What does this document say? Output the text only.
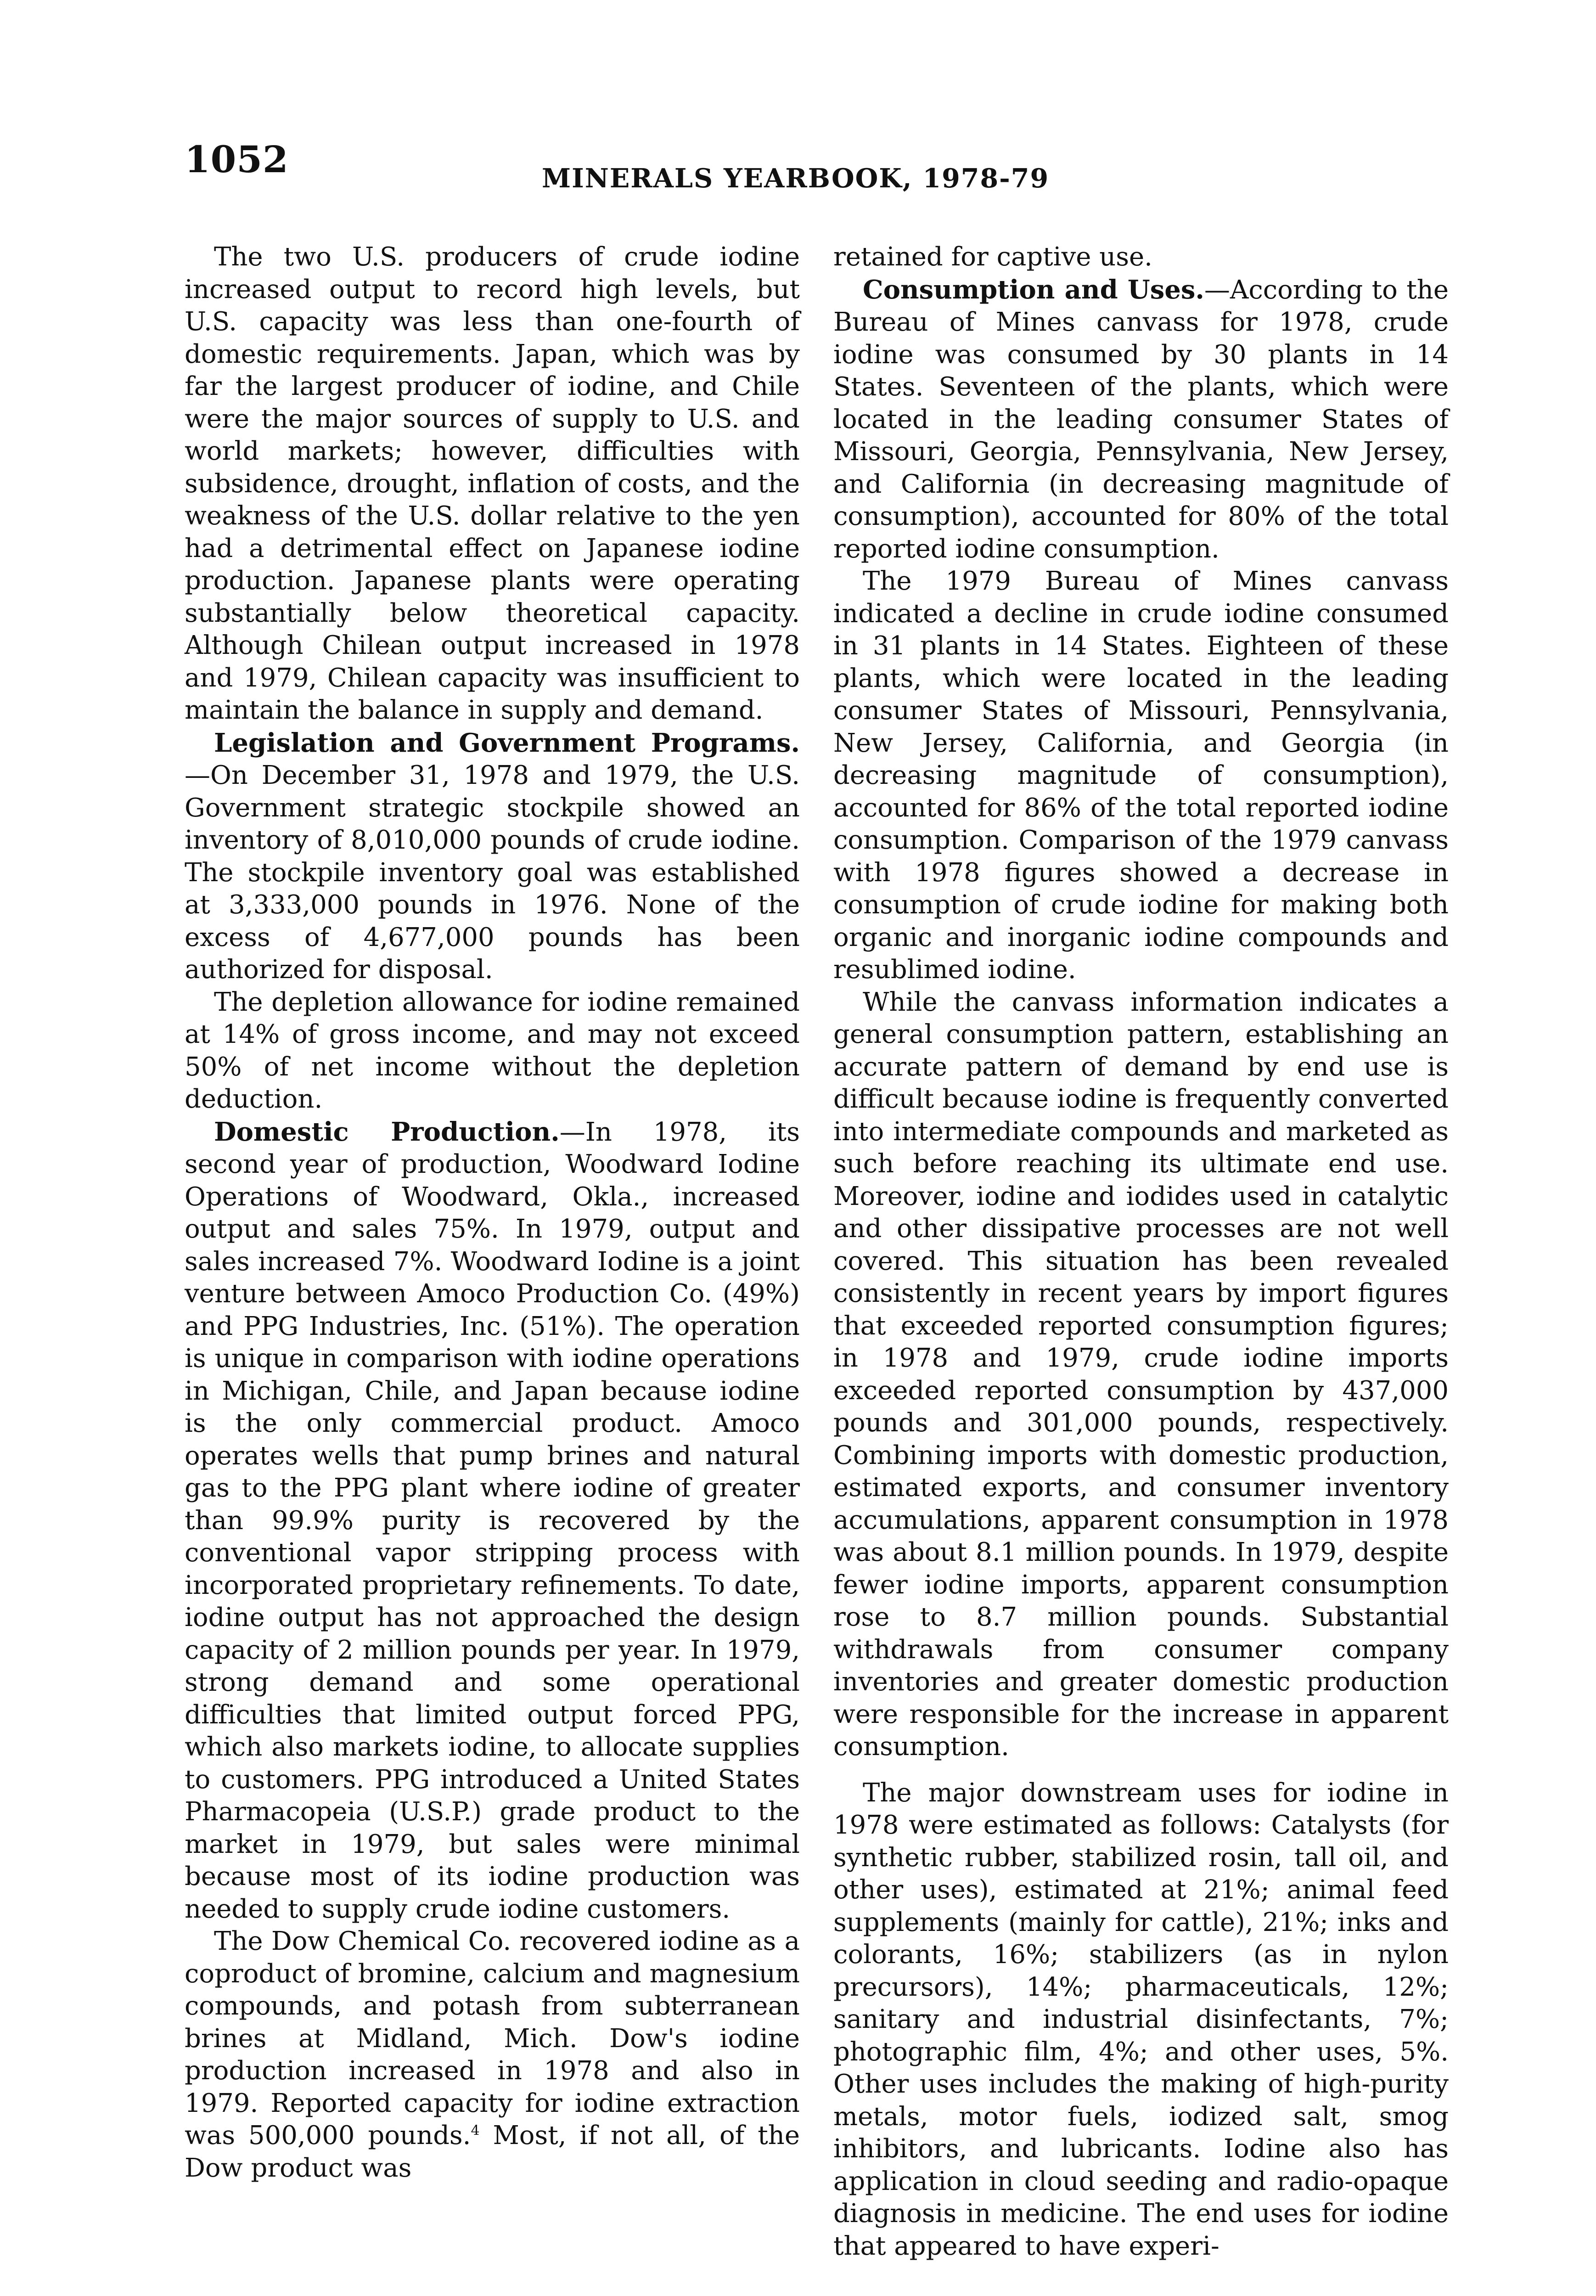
1052	MINERALS YEARBOOK, 1978-79

The two U.S. producers of crude iodine increased output to record high levels, but U.S. capacity was less than one-fourth of domestic requirements. Japan, which was by far the largest producer of iodine, and Chile were the major sources of supply to U.S. and world markets; however, difficulties with subsidence, drought, inflation of costs, and the weakness of the U.S. dollar relative to the yen had a detrimental effect on Japanese iodine production. Japanese plants were operating substantially below theoretical capacity. Although Chilean output increased in 1978 and 1979, Chilean capacity was insufficient to maintain the balance in supply and demand.

Legislation and Government Programs.—On December 31, 1978 and 1979, the U.S. Government strategic stockpile showed an inventory of 8,010,000 pounds of crude iodine. The stockpile inventory goal was established at 3,333,000 pounds in 1976. None of the excess of 4,677,000 pounds has been authorized for disposal.

The depletion allowance for iodine remained at 14% of gross income, and may not exceed 50% of net income without the depletion deduction.

Domestic Production.—In 1978, its second year of production, Woodward Iodine Operations of Woodward, Okla., increased output and sales 75%. In 1979, output and sales increased 7%. Woodward Iodine is a joint venture between Amoco Production Co. (49%) and PPG Industries, Inc. (51%). The operation is unique in comparison with iodine operations in Michigan, Chile, and Japan because iodine is the only commercial product. Amoco operates wells that pump brines and natural gas to the PPG plant where iodine of greater than 99.9% purity is recovered by the conventional vapor stripping process with incorporated proprietary refinements. To date, iodine output has not approached the design capacity of 2 million pounds per year. In 1979, strong demand and some operational difficulties that limited output forced PPG, which also markets iodine, to allocate supplies to customers. PPG introduced a United States Pharmacopeia (U.S.P.) grade product to the market in 1979, but sales were minimal because most of its iodine production was needed to supply crude iodine customers.

The Dow Chemical Co. recovered iodine as a coproduct of bromine, calcium and magnesium compounds, and potash from subterranean brines at Midland, Mich. Dow's iodine production increased in 1978 and also in 1979. Reported capacity for iodine extraction was 500,000 pounds.$^4$ Most, if not all, of the Dow product was

retained for captive use.

Consumption and Uses.—According to the Bureau of Mines canvass for 1978, crude iodine was consumed by 30 plants in 14 States. Seventeen of the plants, which were located in the leading consumer States of Missouri, Georgia, Pennsylvania, New Jersey, and California (in decreasing magnitude of consumption), accounted for 80% of the total reported iodine consumption.

The 1979 Bureau of Mines canvass indicated a decline in crude iodine consumed in 31 plants in 14 States. Eighteen of these plants, which were located in the leading consumer States of Missouri, Pennsylvania, New Jersey, California, and Georgia (in decreasing magnitude of consumption), accounted for 86% of the total reported iodine consumption. Comparison of the 1979 canvass with 1978 figures showed a decrease in consumption of crude iodine for making both organic and inorganic iodine compounds and resublimed iodine.

While the canvass information indicates a general consumption pattern, establishing an accurate pattern of demand by end use is difficult because iodine is frequently converted into intermediate compounds and marketed as such before reaching its ultimate end use. Moreover, iodine and iodides used in catalytic and other dissipative processes are not well covered. This situation has been revealed consistently in recent years by import figures that exceeded reported consumption figures; in 1978 and 1979, crude iodine imports exceeded reported consumption by 437,000 pounds and 301,000 pounds, respectively. Combining imports with domestic production, estimated exports, and consumer inventory accumulations, apparent consumption in 1978 was about 8.1 million pounds. In 1979, despite fewer iodine imports, apparent consumption rose to 8.7 million pounds. Substantial withdrawals from consumer company inventories and greater domestic production were responsible for the increase in apparent consumption.

The major downstream uses for iodine in 1978 were estimated as follows: Catalysts (for synthetic rubber, stabilized rosin, tall oil, and other uses), estimated at 21%; animal feed supplements (mainly for cattle), 21%; inks and colorants, 16%; stabilizers (as in nylon precursors), 14%; pharmaceuticals, 12%; sanitary and industrial disinfectants, 7%; photographic film, 4%; and other uses, 5%. Other uses includes the making of high-purity metals, motor fuels, iodized salt, smog inhibitors, and lubricants. Iodine also has application in cloud seeding and radio-opaque diagnosis in medicine. The end uses for iodine that appeared to have experi-
